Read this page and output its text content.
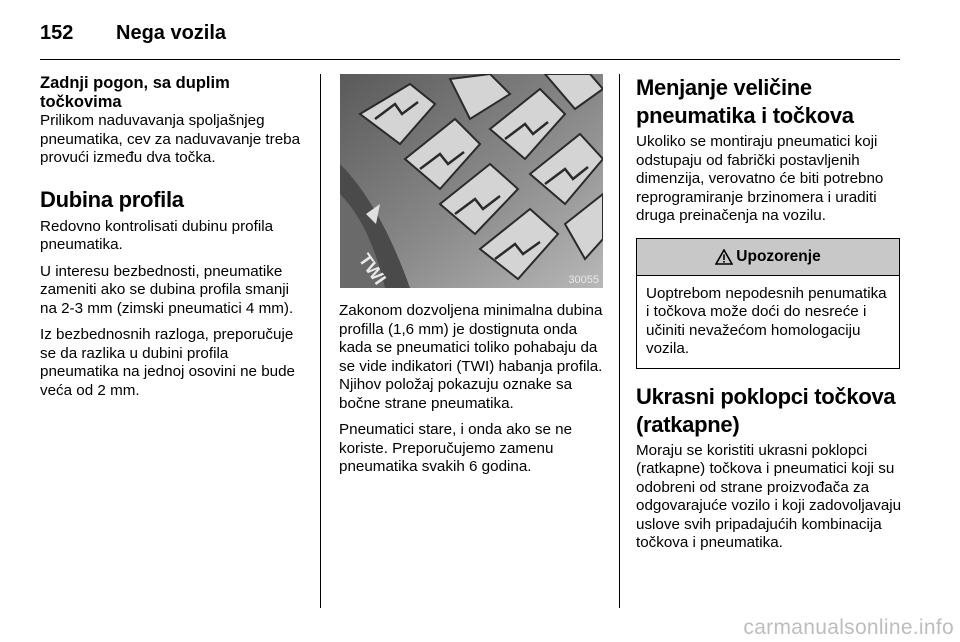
152	Nega vozila
Zadnji pogon, sa duplim točkovima

Prilikom naduvavanja spoljašnjeg pneumatika, cev za naduvavanje treba provući između dva točka.

Dubina profila

Redovno kontrolisati dubinu profila pneumatika.

U interesu bezbednosti, pneumatike zameniti ako se dubina profila smanji na 2-3 mm (zimski pneumatici 4 mm).

Iz bezbednosnih razloga, preporučuje se da razlika u dubini profila pneumatika na jednoj osovini ne bude veća od 2 mm.

TWI	30055

Zakonom dozvoljena minimalna dubina profilla (1,6 mm) je dostignuta onda kada se pneumatici toliko pohabaju da se vide indikatori (TWI) habanja profila. Njihov položaj pokazuju oznake sa bočne strane pneumatika.

Pneumatici stare, i onda ako se ne koriste. Preporučujemo zamenu pneumatika svakih 6 godina.

Menjanje veličine pneumatika i točkova

Ukoliko se montiraju pneumatici koji odstupaju od fabrički postavljenih dimenzija, verovatno će biti potrebno reprogramiranje brzinomera i uraditi druga preinačenja na vozilu.

Upozorenje

Uoptrebom nepodesnih penumatika i točkova može doći do nesreće i učiniti nevažećom homologaciju vozila.

Ukrasni poklopci točkova (ratkapne)

Moraju se koristiti ukrasni poklopci (ratkapne) točkova i pneumatici koji su odobreni od strane proizvođača za odgovarajuće vozilo i koji zadovoljavaju uslove svih pripadajućih kombinacija točkova i pneumatika.

carmanualsonline.info
